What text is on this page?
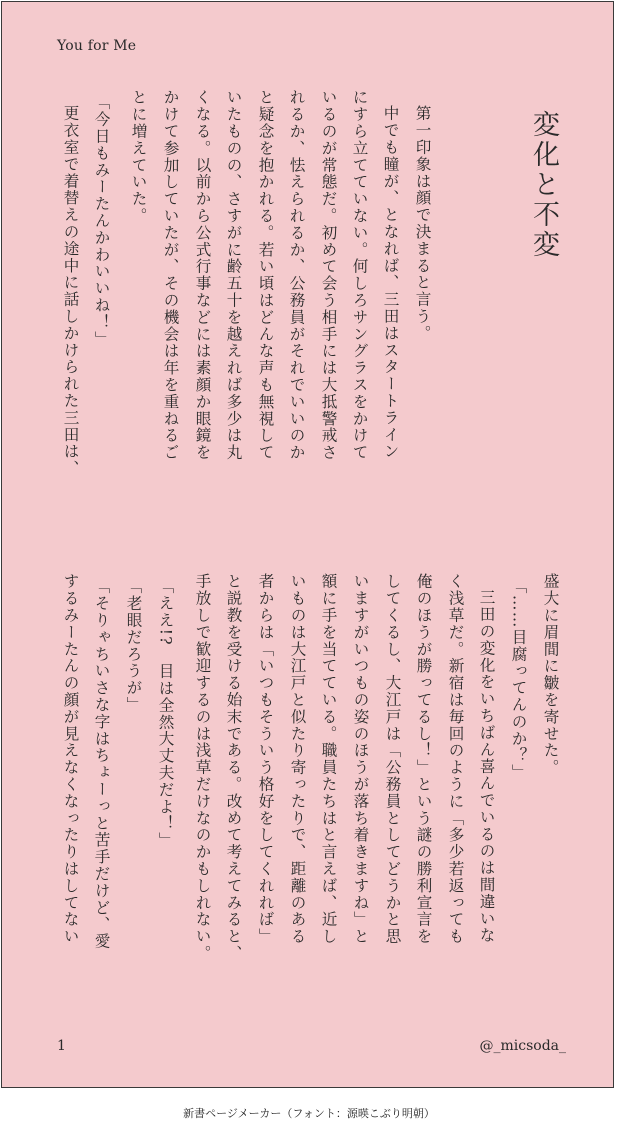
You for Me
変化と不変
第一印象は顔で決まると言う。
中でも瞳が、となれば、三田はスタートライン
にすら立てていない。何しろサングラスをかけて
いるのが常態だ。初めて会う相手には大抵警戒さ
れるか、怯えられるか、公務員がそれでいいのか
と疑念を抱かれる。若い頃はどんな声も無視して
いたものの、さすがに齢五十を越えれば多少は丸
くなる。以前から公式行事などには素顔か眼鏡を
かけて参加していたが、その機会は年を重ねるご
とに増えていた。
「今日もみーたんかわいいね！」
更衣室で着替えの途中に話しかけられた三田は、
盛大に眉間に皺を寄せた。
「……目腐ってんのか？」
三田の変化をいちばん喜んでいるのは間違いな
く浅草だ。新宿は毎回のように「多少若返っても
俺のほうが勝ってるし！」という謎の勝利宣言を
してくるし、大江戸は「公務員としてどうかと思
いますがいつもの姿のほうが落ち着きますね」と
額に手を当てている。職員たちはと言えば、近し
いものは大江戸と似たり寄ったりで、距離のある
者からは「いつもそういう格好をしてくれれば」
と説教を受ける始末である。改めて考えてみると、
手放しで歓迎するのは浅草だけなのかもしれない。
「ええ!?　目は全然大丈夫だよ！」
「老眼だろうが」
「そりゃちいさな字はちょーっと苦手だけど、愛
するみーたんの顔が見えなくなったりはしてない
1	@_micsoda_
新書ページメーカー（フォント：源暎こぶり明朝）
